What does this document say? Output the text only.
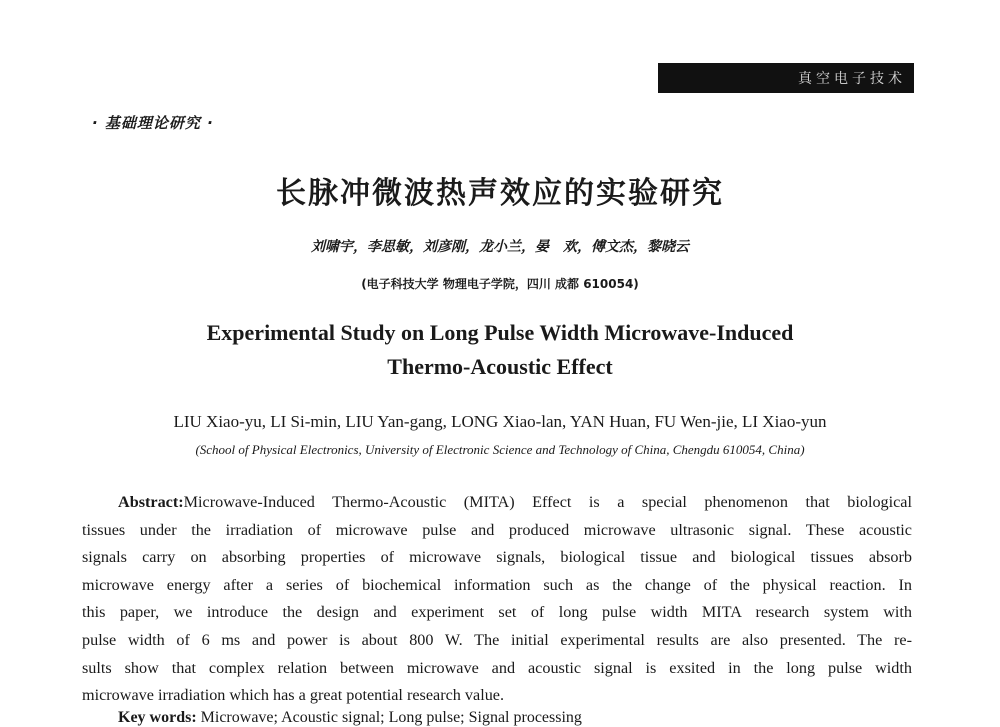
真空电子技术
· 基础理论研究 ·
长脉冲微波热声效应的实验研究
刘啸宇，李思敏，刘彦刚，龙小兰，晏　欢，傅文杰，黎晓云
(电子科技大学 物理电子学院，四川 成都 610054)
Experimental Study on Long Pulse Width Microwave-Induced
Thermo-Acoustic Effect
LIU Xiao-yu, LI Si-min, LIU Yan-gang, LONG Xiao-lan, YAN Huan, FU Wen-jie, LI Xiao-yun
(School of Physical Electronics, University of Electronic Science and Technology of China, Chengdu 610054, China)
Abstract:Microwave-Induced Thermo-Acoustic (MITA) Effect is a special phenomenon that biological
tissues under the irradiation of microwave pulse and produced microwave ultrasonic signal. These acoustic
signals carry on absorbing properties of microwave signals, biological tissue and biological tissues absorb
microwave energy after a series of biochemical information such as the change of the physical reaction. In
this paper, we introduce the design and experiment set of long pulse width MITA research system with
pulse width of 6 ms and power is about 800 W. The initial experimental results are also presented. The re-
sults show that complex relation between microwave and acoustic signal is exsited in the long pulse width
microwave irradiation which has a great potential research value.
Key words: Microwave; Acoustic signal; Long pulse; Signal processing
